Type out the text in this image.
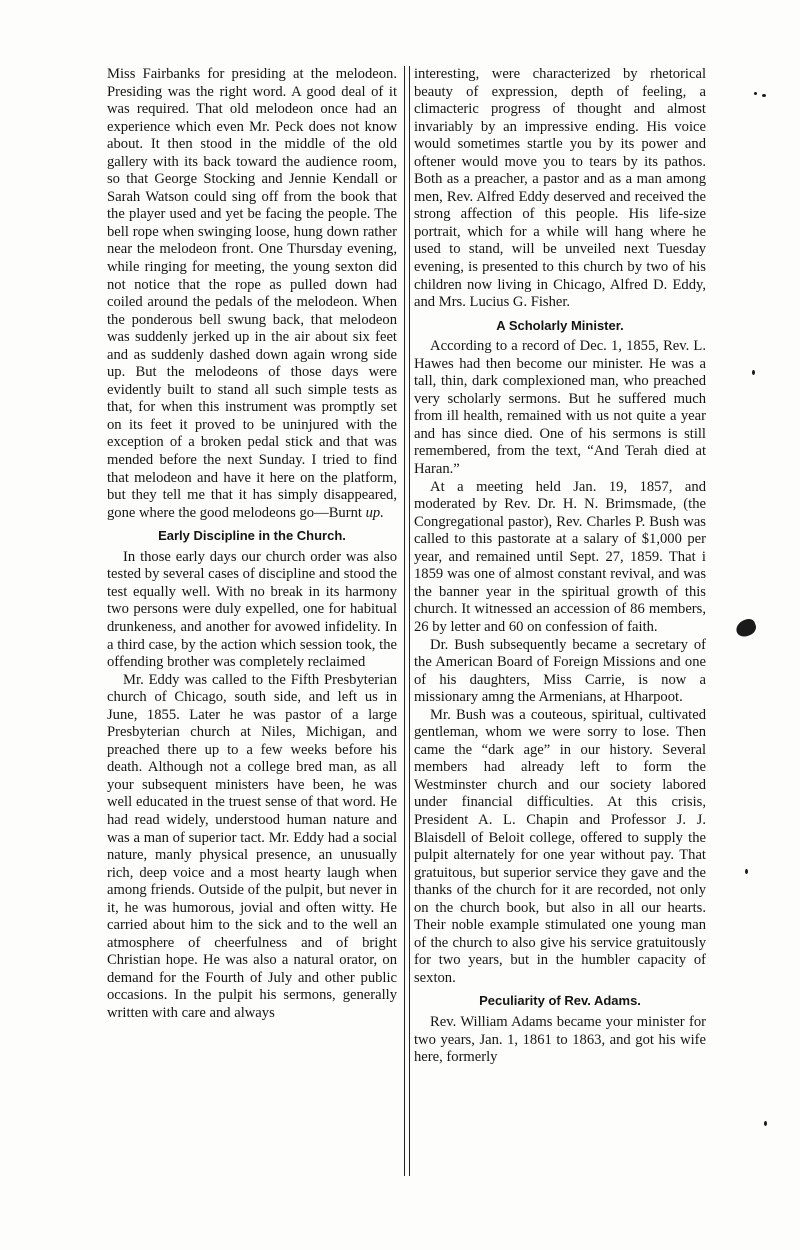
Miss Fairbanks for presiding at the melodeon. Presiding was the right word. A good deal of it was required. That old melodeon once had an experience which even Mr. Peck does not know about. It then stood in the middle of the old gallery with its back toward the audience room, so that George Stocking and Jennie Kendall or Sarah Watson could sing off from the book that the player used and yet be facing the people. The bell rope when swinging loose, hung down rather near the melodeon front. One Thursday evening, while ringing for meeting, the young sexton did not notice that the rope as pulled down had coiled around the pedals of the melodeon. When the ponderous bell swung back, that melodeon was suddenly jerked up in the air about six feet and as suddenly dashed down again wrong side up. But the melodeons of those days were evidently built to stand all such simple tests as that, for when this instrument was promptly set on its feet it proved to be uninjured with the exception of a broken pedal stick and that was mended before the next Sunday. I tried to find that melodeon and have it here on the platform, but they tell me that it has simply disappeared, gone where the good melodeons go—Burnt up.

Early Discipline in the Church.

In those early days our church order was also tested by several cases of discipline and stood the test equally well. With no break in its harmony two persons were duly expelled, one for habitual drunkeness, and another for avowed infidelity. In a third case, by the action which session took, the offending brother was completely reclaimed

Mr. Eddy was called to the Fifth Presbyterian church of Chicago, south side, and left us in June, 1855. Later he was pastor of a large Presbyterian church at Niles, Michigan, and preached there up to a few weeks before his death. Although not a college bred man, as all your subsequent ministers have been, he was well educated in the truest sense of that word. He had read widely, understood human nature and was a man of superior tact. Mr. Eddy had a social nature, manly physical presence, an unusually rich, deep voice and a most hearty laugh when among friends. Outside of the pulpit, but never in it, he was humorous, jovial and often witty. He carried about him to the sick and to the well an atmosphere of cheerfulness and of bright Christian hope. He was also a natural orator, on demand for the Fourth of July and other public occasions. In the pulpit his sermons, generally written with care and always

interesting, were characterized by rhetorical beauty of expression, depth of feeling, a climacteric progress of thought and almost invariably by an impressive ending. His voice would sometimes startle you by its power and oftener would move you to tears by its pathos. Both as a preacher, a pastor and as a man among men, Rev. Alfred Eddy deserved and received the strong affection of this people. His life-size portrait, which for a while will hang where he used to stand, will be unveiled next Tuesday evening, is presented to this church by two of his children now living in Chicago, Alfred D. Eddy, and Mrs. Lucius G. Fisher.

A Scholarly Minister.

According to a record of Dec. 1, 1855, Rev. L. Hawes had then become our minister. He was a tall, thin, dark complexioned man, who preached very scholarly sermons. But he suffered much from ill health, remained with us not quite a year and has since died. One of his sermons is still remembered, from the text, “And Terah died at Haran.”

At a meeting held Jan. 19, 1857, and moderated by Rev. Dr. H. N. Brimsmade, (the Congregational pastor), Rev. Charles P. Bush was called to this pastorate at a salary of $1,000 per year, and remained until Sept. 27, 1859. That i 1859 was one of almost constant revival, and was the banner year in the spiritual growth of this church. It witnessed an accession of 86 members, 26 by letter and 60 on confession of faith.

Dr. Bush subsequently became a secretary of the American Board of Foreign Missions and one of his daughters, Miss Carrie, is now a missionary amng the Armenians, at Hharpoot.

Mr. Bush was a couteous, spiritual, cultivated gentleman, whom we were sorry to lose. Then came the “dark age” in our history. Several members had already left to form the Westminster church and our society labored under financial difficulties. At this crisis, President A. L. Chapin and Professor J. J. Blaisdell of Beloit college, offered to supply the pulpit alternately for one year without pay. That gratuitous, but superior service they gave and the thanks of the church for it are recorded, not only on the church book, but also in all our hearts. Their noble example stimulated one young man of the church to also give his service gratuitously for two years, but in the humbler capacity of sexton.

Peculiarity of Rev. Adams.

Rev. William Adams became your minister for two years, Jan. 1, 1861 to 1863, and got his wife here, formerly
